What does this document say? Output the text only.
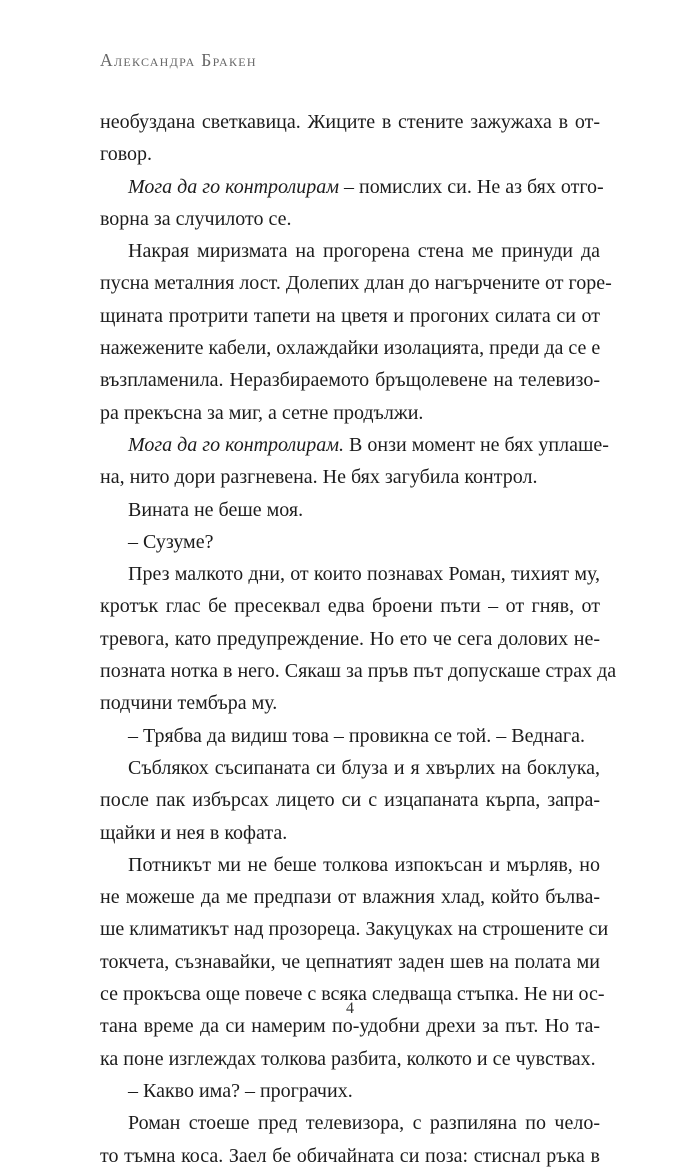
Александра Бракен

необуздана светкавица. Жиците в стените зажужаха в от-

говор.

Мога да го контролирам – помислих си. Не аз бях отго-

ворна за случилото се.

Накрая миризмата на прогорена стена ме принуди да

пусна металния лост. Долепих длан до нагърчените от горе-

щината протрити тапети на цветя и прогоних силата си от

нажежените кабели, охлаждайки изолацията, преди да се е

възпламенила. Неразбираемото бръщолевене на телевизо-

ра прекъсна за миг, а сетне продължи.

Мога да го контролирам. В онзи момент не бях уплаше-

на, нито дори разгневена. Не бях загубила контрол.

Вината не беше моя.

– Сузуме?

През малкото дни, от които познавах Роман, тихият му,

кротък глас бе пресеквал едва броени пъти – от гняв, от

тревога, като предупреждение. Но ето че сега долових не-

позната нотка в него. Сякаш за пръв път допускаше страх да

подчини тембъра му.

– Трябва да видиш това – провикна се той. – Веднага.

Съблякох съсипаната си блуза и я хвърлих на боклука,

после пак избърсах лицето си с изцапаната кърпа, запра-

щайки и нея в кофата.

Потникът ми не беше толкова изпокъсан и мърляв, но

не можеше да ме предпази от влажния хлад, който бълва-

ше климатикът над прозореца. Закуцуках на строшените си

токчета, съзнавайки, че цепнатият заден шев на полата ми

се прокъсва още повече с всяка следваща стъпка. Не ни ос-

тана време да си намерим по-удобни дрехи за път. Но та-

ка поне изглеждах толкова разбита, колкото и се чувствах.

– Какво има? – програчих.

Роман стоеше пред телевизора, с разпиляна по чело-

то тъмна коса. Заел бе обичайната си поза: стиснал ръка в

4
